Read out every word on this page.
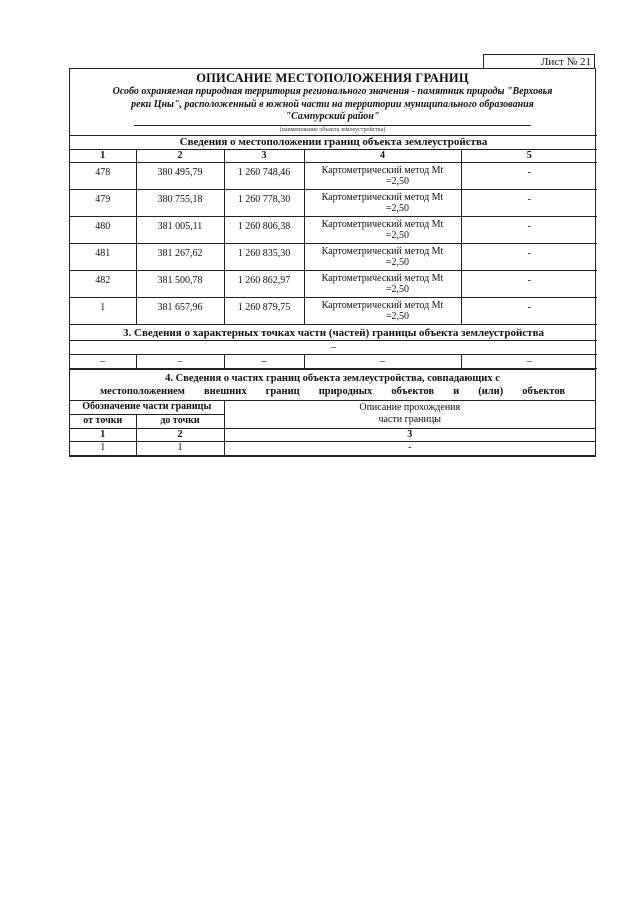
Лист № 21
ОПИСАНИЕ МЕСТОПОЛОЖЕНИЯ ГРАНИЦ
Особо охраняемая природная территория регионального значения - памятник природы "Верховья
реки Цны", расположенный в южной части на территории муниципального образования
"Сампурский район"
(наименование объекта землеустройства)
Сведения о местоположении границ объекта землеустройства				
1	2	3	4	5
478	380 495,79	1 260 748,46	Картометрический метод Mt
=2,50	-
479	380 755,18	1 260 778,30	Картометрический метод Mt
=2,50	-
480	381 005,11	1 260 806,38	Картометрический метод Mt
=2,50	-
481	381 267,62	1 260 835,30	Картометрический метод Mt
=2,50	-
482	381 500,78	1 260 862,97	Картометрический метод Mt
=2,50	-
1	381 657,96	1 260 879,75	Картометрический метод Mt
=2,50	-
3. Сведения о характерных точках части (частей) границы объекта землеустройства				
–				
–	–	–	–	–
4. Сведения о частях границ объекта землеустройства, совпадающих с
местоположением внешних границ природных объектов и (или) объектов		
Обозначение части границы		Описание прохождения
части границы

от точки	до точки	
1	2	3
1	1	-
